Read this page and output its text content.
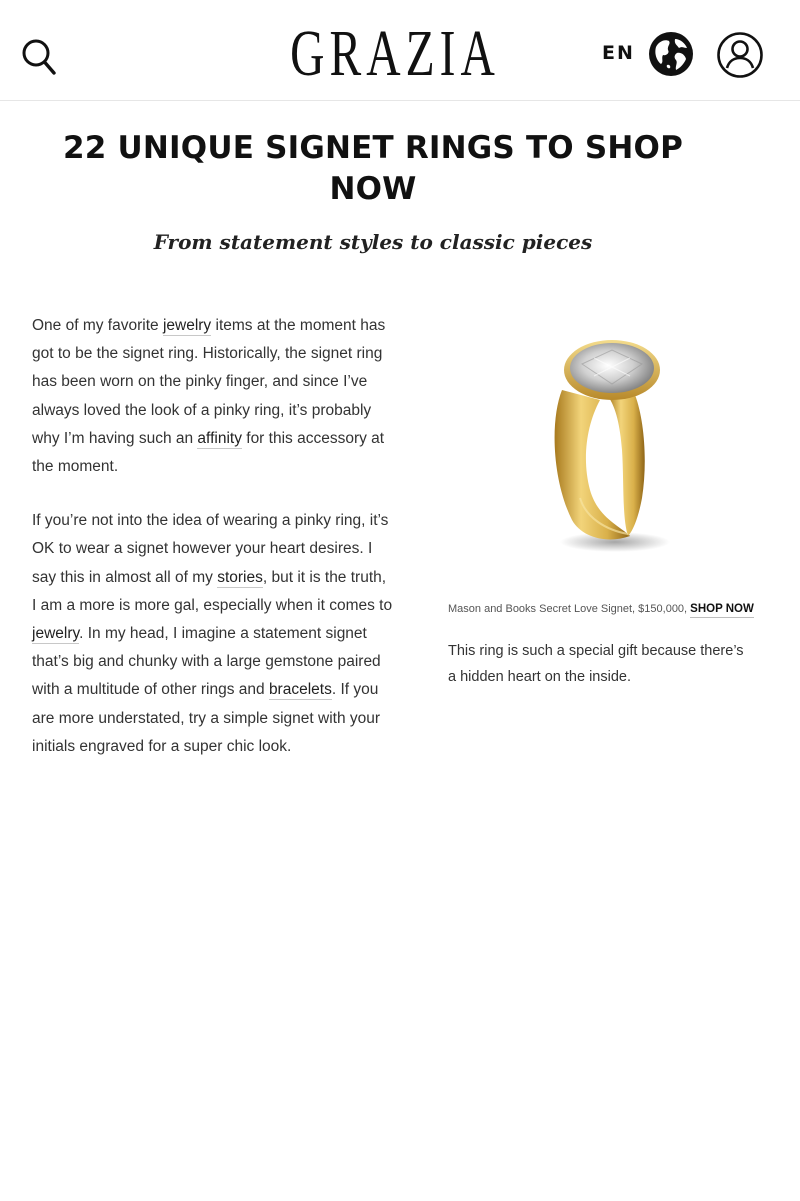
GRAZIA	EN
22 UNIQUE SIGNET RINGS TO SHOP NOW
From statement styles to classic pieces

One of my favorite jewelry items at the moment has got to be the signet ring. Historically, the signet ring has been worn on the pinky finger, and since I’ve always loved the look of a pinky ring, it’s probably why I’m having such an affinity for this accessory at the moment.

If you’re not into the idea of wearing a pinky ring, it’s OK to wear a signet however your heart desires. I say this in almost all of my stories, but it is the truth, I am a more is more gal, especially when it comes to jewelry. In my head, I imagine a statement signet that’s big and chunky with a large gemstone paired with a multitude of other rings and bracelets. If you are more understated, try a simple signet with your initials engraved for a super chic look.

Mason and Books Secret Love Signet, $150,000, SHOP NOW

This ring is such a special gift because there’s a hidden heart on the inside.
